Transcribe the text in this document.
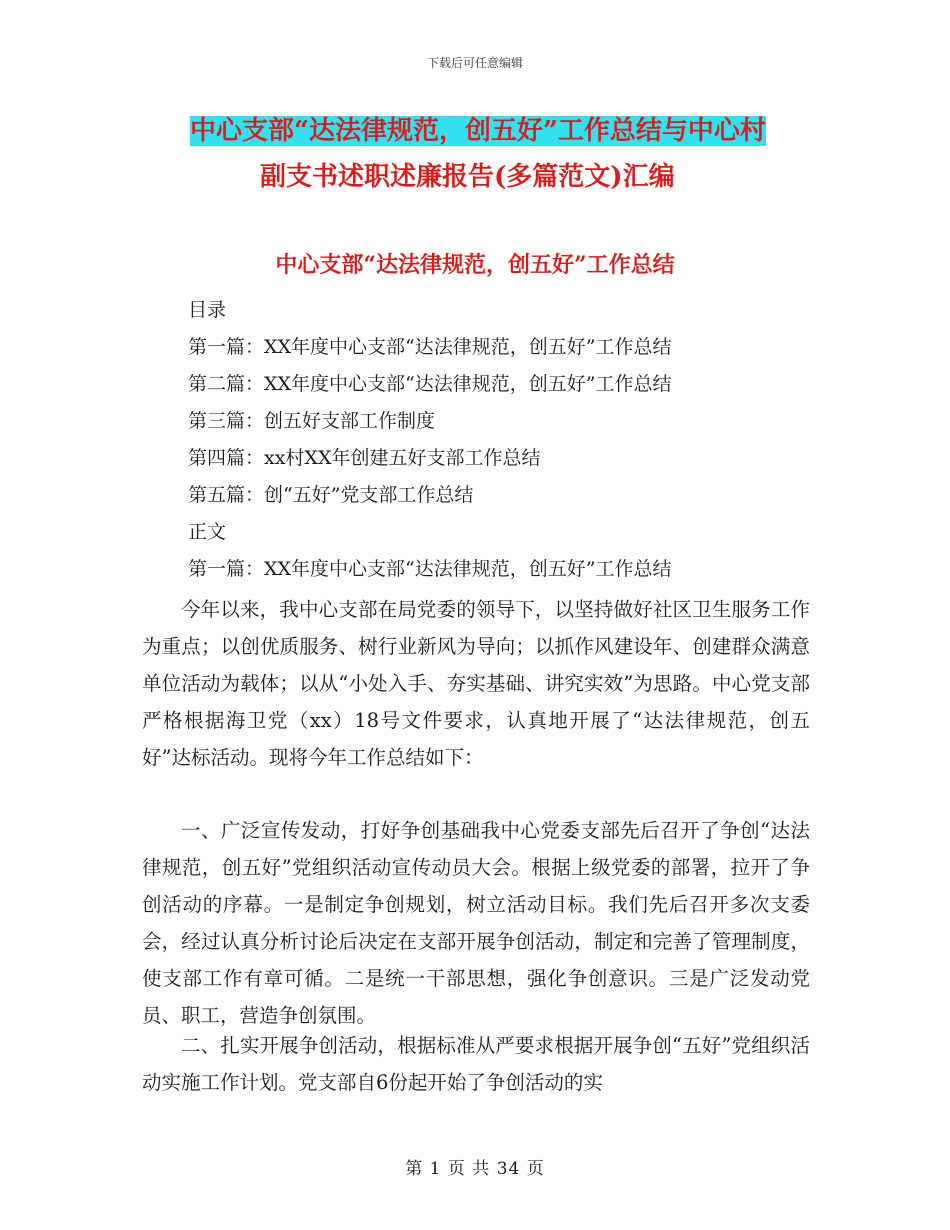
下载后可任意编辑
中心支部“达法律规范，创五好”工作总结与中心村
副支书述职述廉报告(多篇范文)汇编
中心支部“达法律规范，创五好”工作总结
目录
第一篇：XX年度中心支部“达法律规范，创五好”工作总结
第二篇：XX年度中心支部“达法律规范，创五好”工作总结
第三篇：创五好支部工作制度
第四篇：xx村XX年创建五好支部工作总结
第五篇：创“五好”党支部工作总结
正文
第一篇：XX年度中心支部“达法律规范，创五好”工作总结

今年以来，我中心支部在局党委的领导下，以坚持做好社区卫生服务工作为重点；以创优质服务、树行业新风为导向；以抓作风建设年、创建群众满意单位活动为载体；以从“小处入手、夯实基础、讲究实效”为思路。中心党支部严格根据海卫党（xx）18号文件要求，认真地开展了“达法律规范，创五好”达标活动。现将今年工作总结如下：

一、广泛宣传发动，打好争创基础我中心党委支部先后召开了争创“达法律规范，创五好”党组织活动宣传动员大会。根据上级党委的部署，拉开了争创活动的序幕。一是制定争创规划，树立活动目标。我们先后召开多次支委会，经过认真分析讨论后决定在支部开展争创活动，制定和完善了管理制度，使支部工作有章可循。二是统一干部思想，强化争创意识。三是广泛发动党员、职工，营造争创氛围。

二、扎实开展争创活动，根据标准从严要求根据开展争创“五好”党组织活动实施工作计划。党支部自6份起开始了争创活动的实

第 1 页 共 34 页
